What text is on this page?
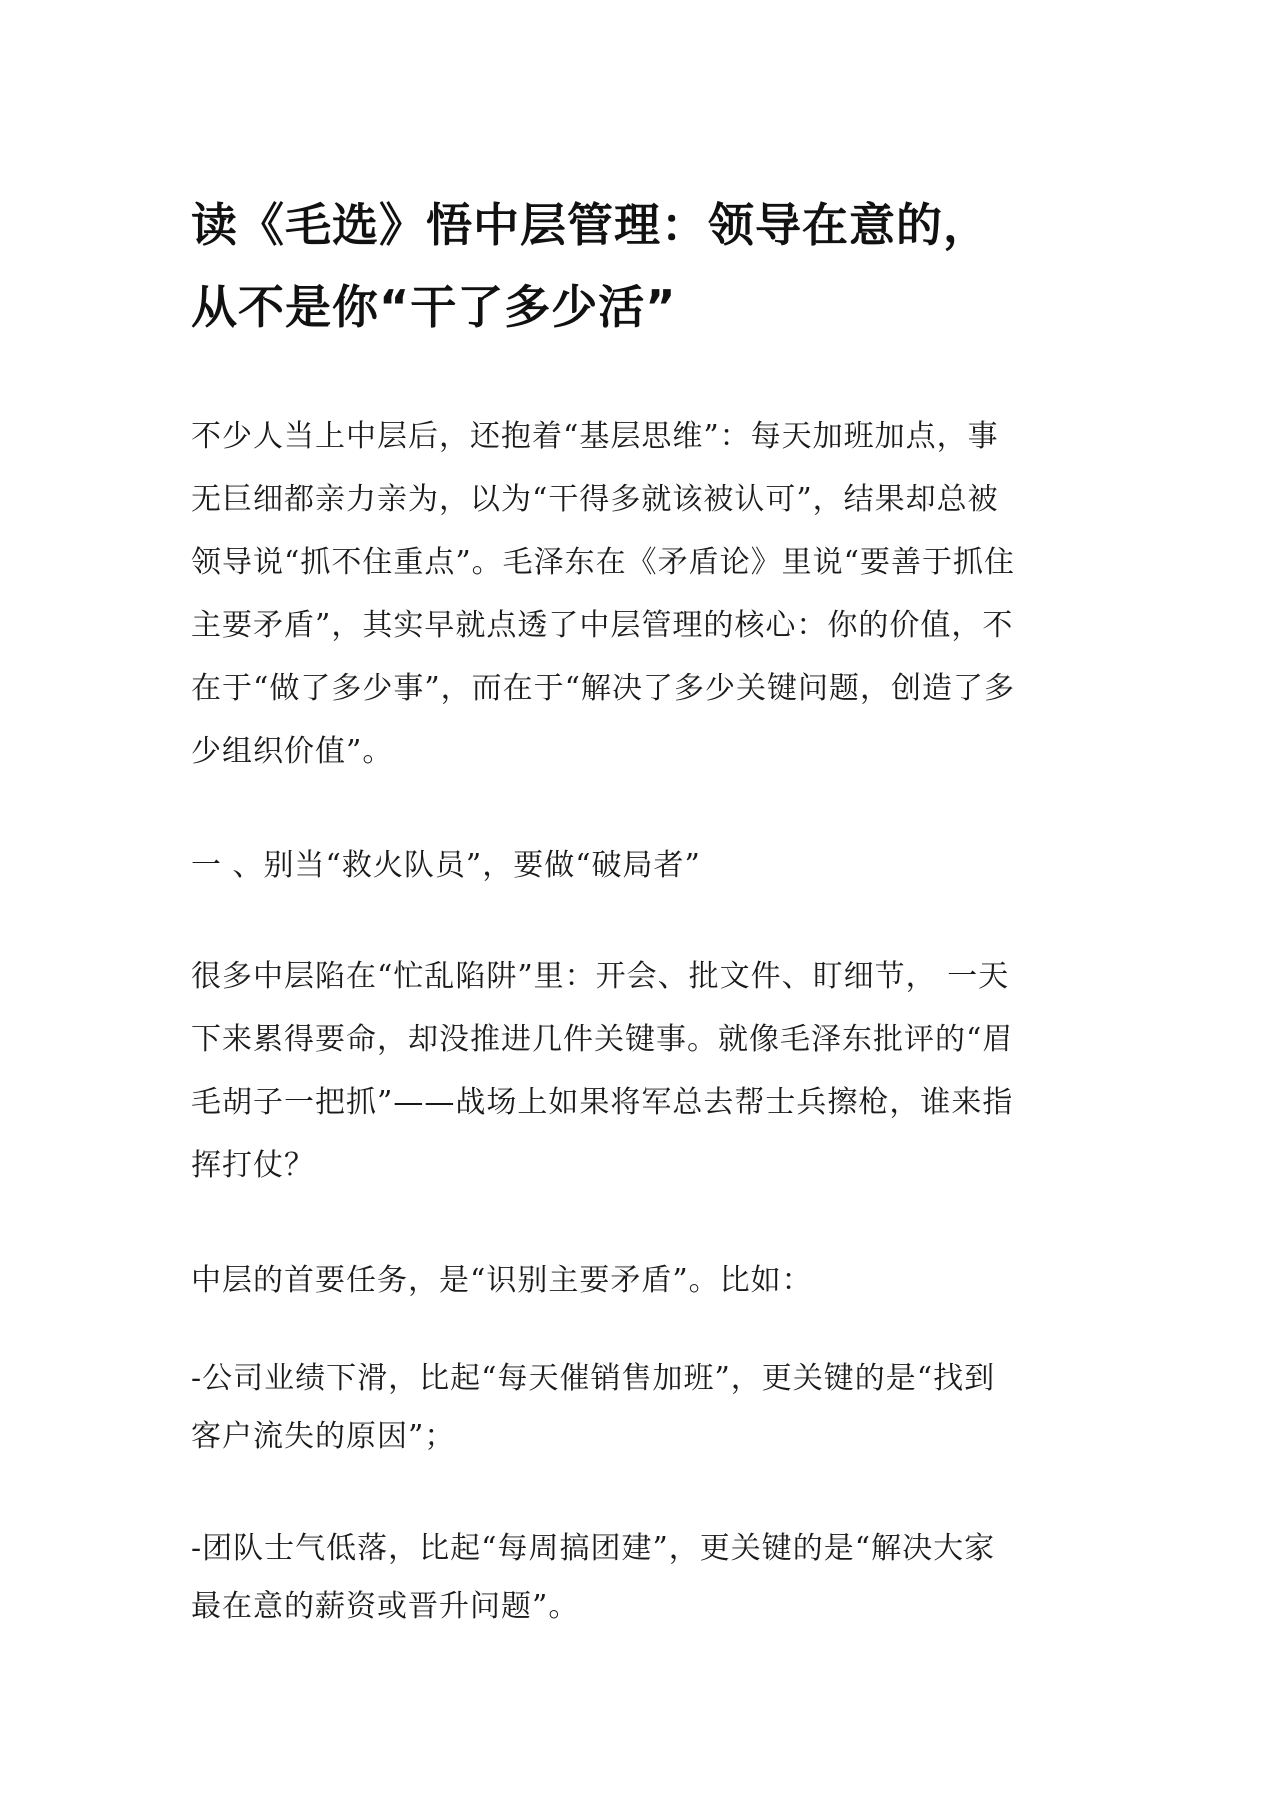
读《毛选》悟中层管理：领导在意的，
从不是你“干了多少活”
不少人当上中层后，还抱着“基层思维”：每天加班加点，事
无巨细都亲力亲为，以为“干得多就该被认可”，结果却总被
领导说“抓不住重点”。毛泽东在《矛盾论》里说“要善于抓住
主要矛盾”，其实早就点透了中层管理的核心：你的价值，不
在于“做了多少事”，而在于“解决了多少关键问题，创造了多
少组织价值”。
一 、别当“救火队员”，要做“破局者”
很多中层陷在“忙乱陷阱”里：开会、批文件、盯细节， 一天
下来累得要命，却没推进几件关键事。就像毛泽东批评的“眉
毛胡子一把抓”——战场上如果将军总去帮士兵擦枪，谁来指
挥打仗？
中层的首要任务，是“识别主要矛盾”。比如：
-公司业绩下滑，比起“每天催销售加班”，更关键的是“找到
客户流失的原因”；
-团队士气低落，比起“每周搞团建”，更关键的是“解决大家
最在意的薪资或晋升问题”。
